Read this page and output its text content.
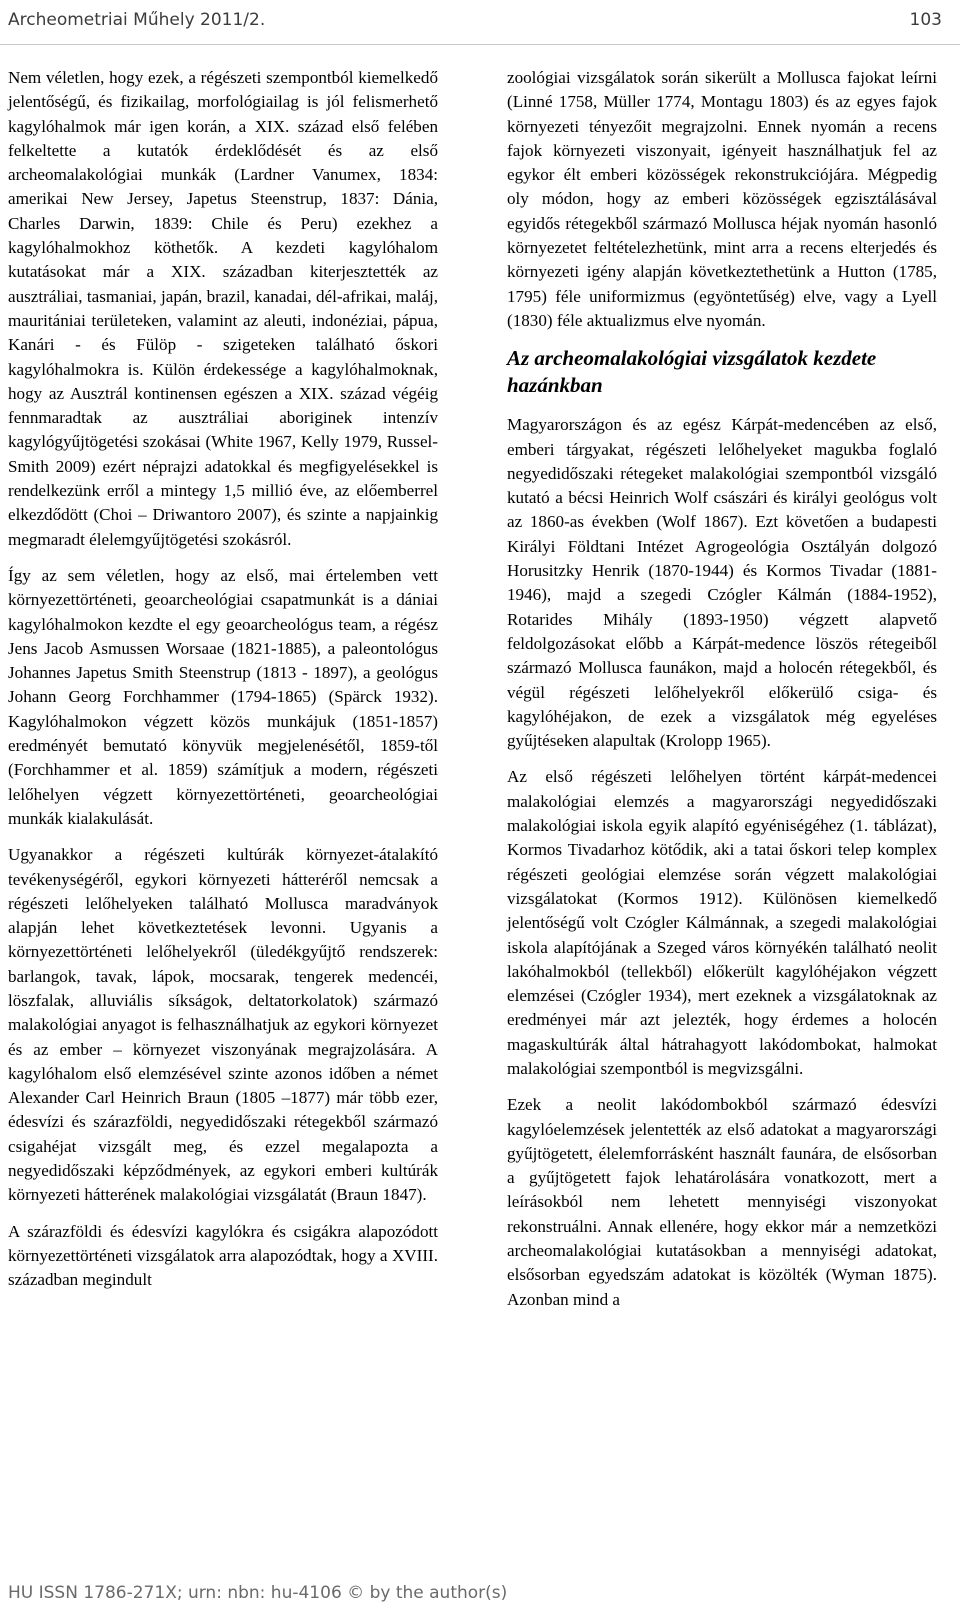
Archeometriai Műhely 2011/2.	103

Nem véletlen, hogy ezek, a régészeti szempontból kiemelkedő jelentőségű, és fizikailag, morfológiailag is jól felismerhető kagylóhalmok már igen korán, a XIX. század első felében felkeltette a kutatók érdeklődését és az első archeomalakológiai munkák (Lardner Vanumex, 1834: amerikai New Jersey, Japetus Steenstrup, 1837: Dánia, Charles Darwin, 1839: Chile és Peru) ezekhez a kagylóhalmokhoz köthetők. A kezdeti kagylóhalom kutatásokat már a XIX. században kiterjesztették az ausztráliai, tasmaniai, japán, brazil, kanadai, dél-afrikai, maláj, mauritániai területeken, valamint az aleuti, indonéziai, pápua, Kanári - és Fülöp - szigeteken található őskori kagylóhalmokra is. Külön érdekessége a kagylóhalmoknak, hogy az Ausztrál kontinensen egészen a XIX. század végéig fennmaradtak az ausztráliai aboriginek intenzív kagylógyűjtögetési szokásai (White 1967, Kelly 1979, Russel-Smith 2009) ezért néprajzi adatokkal és megfigyelésekkel is rendelkezünk erről a mintegy 1,5 millió éve, az előemberrel elkezdődött (Choi – Driwantoro 2007), és szinte a napjainkig megmaradt élelemgyűjtögetési szokásról.

Így az sem véletlen, hogy az első, mai értelemben vett környezettörténeti, geoarcheológiai csapatmunkát is a dániai kagylóhalmokon kezdte el egy geoarcheológus team, a régész Jens Jacob Asmussen Worsaae (1821-1885), a paleontológus Johannes Japetus Smith Steenstrup (1813 - 1897), a geológus Johann Georg Forchhammer (1794-1865) (Spärck 1932). Kagylóhalmokon végzett közös munkájuk (1851-1857) eredményét bemutató könyvük megjelenésétől, 1859-től (Forchhammer et al. 1859) számítjuk a modern, régészeti lelőhelyen végzett környezettörténeti, geoarcheológiai munkák kialakulását.

Ugyanakkor a régészeti kultúrák környezet-átalakító tevékenységéről, egykori környezeti hátteréről nemcsak a régészeti lelőhelyeken található Mollusca maradványok alapján lehet következtetések levonni. Ugyanis a környezettörténeti lelőhelyekről (üledékgyűjtő rendszerek: barlangok, tavak, lápok, mocsarak, tengerek medencéi, löszfalak, alluviális síkságok, deltatorkolatok) származó malakológiai anyagot is felhasználhatjuk az egykori környezet és az ember – környezet viszonyának megrajzolására. A kagylóhalom első elemzésével szinte azonos időben a német Alexander Carl Heinrich Braun (1805 –1877) már több ezer, édesvízi és szárazföldi, negyedidőszaki rétegekből származó csigahéjat vizsgált meg, és ezzel megalapozta a negyedidőszaki képződmények, az egykori emberi kultúrák környezeti hátterének malakológiai vizsgálatát (Braun 1847).

A szárazföldi és édesvízi kagylókra és csigákra alapozódott környezettörténeti vizsgálatok arra alapozódtak, hogy a XVIII. században megindult

zoológiai vizsgálatok során sikerült a Mollusca fajokat leírni (Linné 1758, Müller 1774, Montagu 1803) és az egyes fajok környezeti tényezőit megrajzolni. Ennek nyomán a recens fajok környezeti viszonyait, igényeit használhatjuk fel az egykor élt emberi közösségek rekonstrukciójára. Mégpedig oly módon, hogy az emberi közösségek egzisztálásával egyidős rétegekből származó Mollusca héjak nyomán hasonló környezetet feltételezhetünk, mint arra a recens elterjedés és környezeti igény alapján következtethetünk a Hutton (1785, 1795) féle uniformizmus (egyöntetűség) elve, vagy a Lyell (1830) féle aktualizmus elve nyomán.

Az archeomalakológiai vizsgálatok kezdete hazánkban

Magyarországon és az egész Kárpát-medencében az első, emberi tárgyakat, régészeti lelőhelyeket magukba foglaló negyedidőszaki rétegeket malakológiai szempontból vizsgáló kutató a bécsi Heinrich Wolf császári és királyi geológus volt az 1860-as években (Wolf 1867). Ezt követően a budapesti Királyi Földtani Intézet Agrogeológia Osztályán dolgozó Horusitzky Henrik (1870-1944) és Kormos Tivadar (1881-1946), majd a szegedi Czógler Kálmán (1884-1952), Rotarides Mihály (1893-1950) végzett alapvető feldolgozásokat előbb a Kárpát-medence löszös rétegeiből származó Mollusca faunákon, majd a holocén rétegekből, és végül régészeti lelőhelyekről előkerülő csiga- és kagylóhéjakon, de ezek a vizsgálatok még egyeléses gyűjtéseken alapultak (Krolopp 1965).

Az első régészeti lelőhelyen történt kárpát-medencei malakológiai elemzés a magyarországi negyedidőszaki malakológiai iskola egyik alapító egyéniségéhez (1. táblázat), Kormos Tivadarhoz kötődik, aki a tatai őskori telep komplex régészeti geológiai elemzése során végzett malakológiai vizsgálatokat (Kormos 1912). Különösen kiemelkedő jelentőségű volt Czógler Kálmánnak, a szegedi malakológiai iskola alapítójának a Szeged város környékén található neolit lakóhalmokból (tellekből) előkerült kagylóhéjakon végzett elemzései (Czógler 1934), mert ezeknek a vizsgálatoknak az eredményei már azt jelezték, hogy érdemes a holocén magaskultúrák által hátrahagyott lakódombokat, halmokat malakológiai szempontból is megvizsgálni.

Ezek a neolit lakódombokból származó édesvízi kagylóelemzések jelentették az első adatokat a magyarországi gyűjtögetett, élelemforrásként használt faunára, de elsősorban a gyűjtögetett fajok lehatárolására vonatkozott, mert a leírásokból nem lehetett mennyiségi viszonyokat rekonstruálni. Annak ellenére, hogy ekkor már a nemzetközi archeomalakológiai kutatásokban a mennyiségi adatokat, elsősorban egyedszám adatokat is közölték (Wyman 1875). Azonban mind a

HU ISSN 1786-271X; urn: nbn: hu-4106 © by the author(s)
